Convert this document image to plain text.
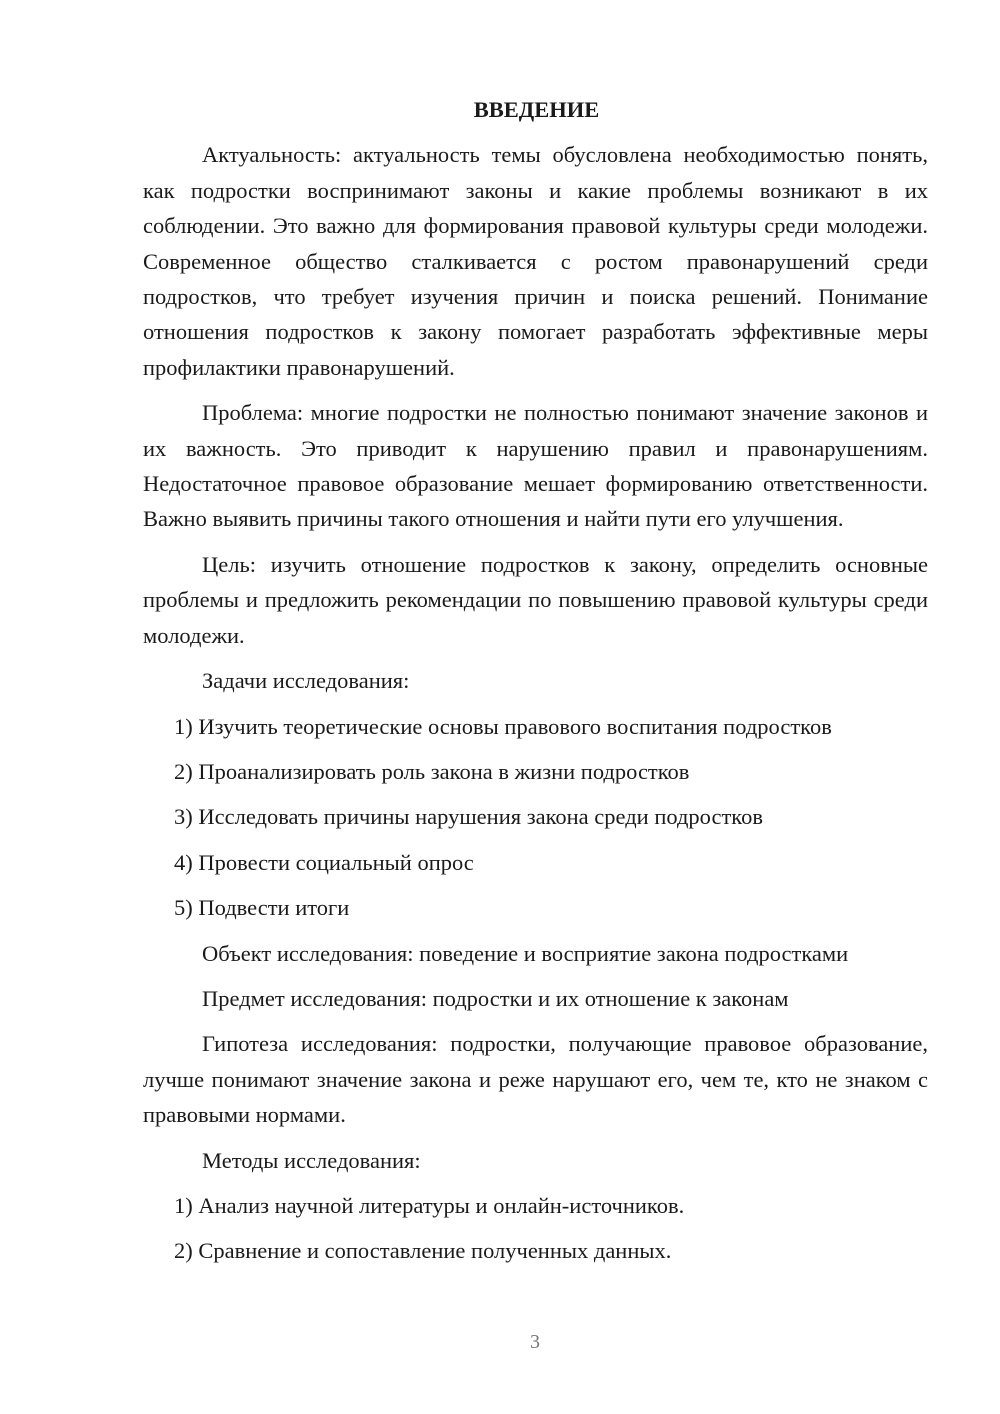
ВВЕДЕНИЕ

Актуальность: актуальность темы обусловлена необходимостью понять, как подростки воспринимают законы и какие проблемы возникают в их соблюдении. Это важно для формирования правовой культуры среди молодежи. Современное общество сталкивается с ростом правонарушений среди подростков, что требует изучения причин и поиска решений. Понимание отношения подростков к закону помогает разработать эффективные меры профилактики правонарушений.

Проблема: многие подростки не полностью понимают значение законов и их важность. Это приводит к нарушению правил и правонарушениям. Недостаточное правовое образование мешает формированию ответственности. Важно выявить причины такого отношения и найти пути его улучшения.

Цель: изучить отношение подростков к закону, определить основные проблемы и предложить рекомендации по повышению правовой культуры среди молодежи.

Задачи исследования:
1) Изучить теоретические основы правового воспитания подростков
2) Проанализировать роль закона в жизни подростков
3) Исследовать причины нарушения закона среди подростков
4) Провести социальный опрос
5) Подвести итоги
Объект исследования: поведение и восприятие закона подростками
Предмет исследования: подростки и их отношение к законам

Гипотеза исследования: подростки, получающие правовое образование, лучше понимают значение закона и реже нарушают его, чем те, кто не знаком с правовыми нормами.

Методы исследования:
1) Анализ научной литературы и онлайн-источников.
2) Сравнение и сопоставление полученных данных.
3
